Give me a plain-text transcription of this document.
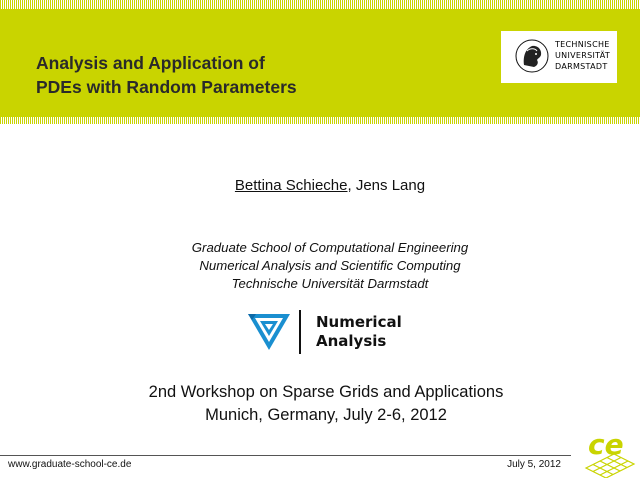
Analysis and Application of
PDEs with Random Parameters
TECHNISCHE
UNIVERSITÄT
DARMSTADT
Bettina Schieche, Jens Lang
Graduate School of Computational Engineering
Numerical Analysis and Scientific Computing
Technische Universität Darmstadt
Numerical
Analysis
2nd Workshop on Sparse Grids and Applications
Munich, Germany, July 2-6, 2012
www.graduate-school-ce.de	July 5, 2012
ce
